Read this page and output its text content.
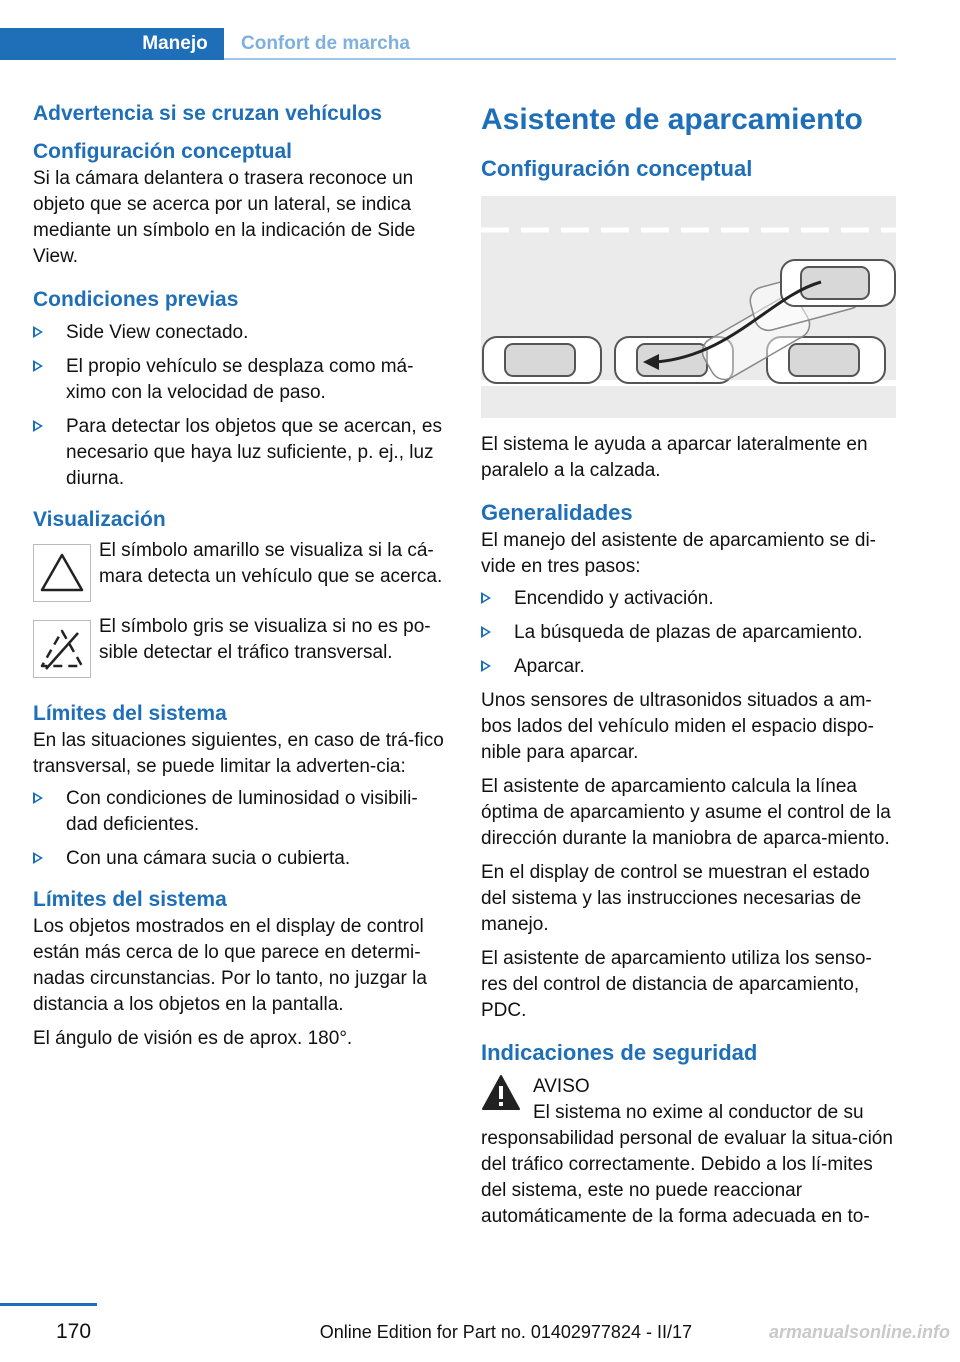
Manejo	Confort de marcha
Advertencia si se cruzan vehículos
Configuración conceptual

Si la cámara delantera o trasera reconoce un objeto que se acerca por un lateral, se indica mediante un símbolo en la indicación de Side View.

Condiciones previas
Side View conectado.
El propio vehículo se desplaza como má‐ximo con la velocidad de paso.
Para detectar los objetos que se acercan, es necesario que haya luz suficiente, p. ej., luz diurna.
Visualización

El símbolo amarillo se visualiza si la cá‐mara detecta un vehículo que se acerca.

El símbolo gris se visualiza si no es po‐sible detectar el tráfico transversal.

Límites del sistema

En las situaciones siguientes, en caso de trá‐fico transversal, se puede limitar la adverten‐cia:

Con condiciones de luminosidad o visibili‐dad deficientes.
Con una cámara sucia o cubierta.
Límites del sistema

Los objetos mostrados en el display de control están más cerca de lo que parece en determi‐nadas circunstancias. Por lo tanto, no juzgar la distancia a los objetos en la pantalla.

El ángulo de visión es de aprox. 180°.

Asistente de aparcamiento
Configuración conceptual

El sistema le ayuda a aparcar lateralmente en paralelo a la calzada.

Generalidades

El manejo del asistente de aparcamiento se di‐vide en tres pasos:

Encendido y activación.
La búsqueda de plazas de aparcamiento.
Aparcar.

Unos sensores de ultrasonidos situados a am‐bos lados del vehículo miden el espacio dispo‐nible para aparcar.

El asistente de aparcamiento calcula la línea óptima de aparcamiento y asume el control de la dirección durante la maniobra de aparca‐miento.

En el display de control se muestran el estado del sistema y las instrucciones necesarias de manejo.

El asistente de aparcamiento utiliza los senso‐res del control de distancia de aparcamiento, PDC.

Indicaciones de seguridad

AVISO

El sistema no exime al conductor de su responsabilidad personal de evaluar la situa‐ción del tráfico correctamente. Debido a los lí‐mites del sistema, este no puede reaccionar automáticamente de la forma adecuada en to‐

170	Online Edition for Part no. 01402977824 - II/17	armanualsonline.info
